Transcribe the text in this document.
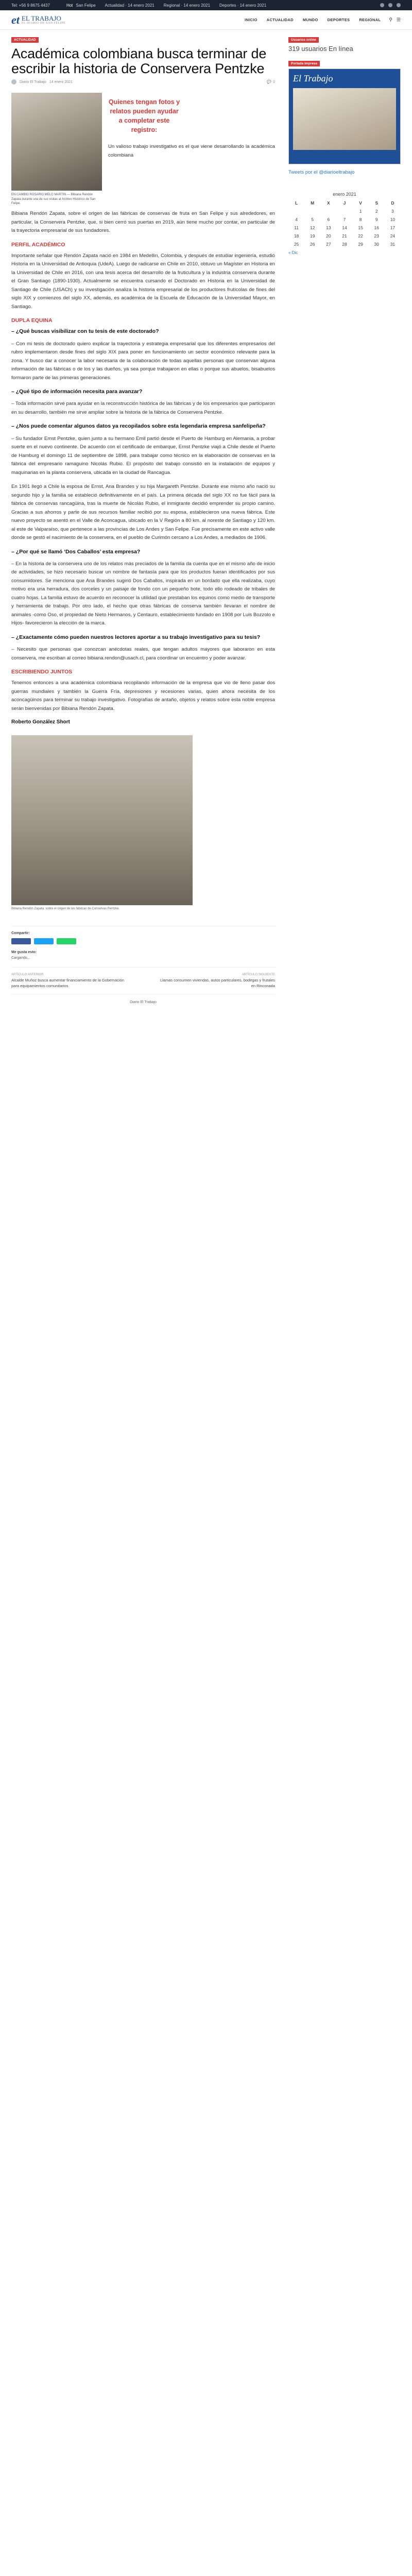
Tel: +56 9 8675 4437	Hot San Felipe Actualidad · 14 enero 2021 Regional · 14 enero 2021 Deportes · 14 enero 2021
et EL TRABAJO
EL DIARIO DE SAN FELIPE
INICIO ACTUALIDAD MUNDO DEPORTES REGIONAL ⚲ ☰
ACTUALIDAD
Académica colombiana busca terminar de escribir la historia de Conservera Pentzke
Diario El Trabajo 14 enero 2021	💬 0
EN CAMBIO ROSARIO MELO MARTIN — Bibiana Rendón Zapata durante una de sus visitas al Archivo Histórico de San Felipe.
Quienes tengan fotos y relatos pueden ayudar a completar este registro:

Un valioso trabajo investigativo es el que viene desarrollando la académica colombiana

Bibiana Rendón Zapata, sobre el origen de las fábricas de conservas de fruta en San Felipe y sus alrededores, en particular, la Conservera Pentzke, que, si bien cerró sus puertas en 2019, aún tiene mucho por contar, en particular de la trayectoria empresarial de sus fundadores.

PERFIL ACADÉMICO

Importante señalar que Rendón Zapata nació en 1984 en Medellín, Colombia, y después de estudiar ingeniería, estudió Historia en la Universidad de Antioquia (UdeA). Luego de radicarse en Chile en 2010, obtuvo un Magíster en Historia en la Universidad de Chile en 2016, con una tesis acerca del desarrollo de la fruticultura y la industria conservera durante el Gran Santiago (1890-1930). Actualmente se encuentra cursando el Doctorado en Historia en la Universidad de Santiago de Chile (USACh) y su investigación analiza la historia empresarial de los productores frutícolas de fines del siglo XIX y comienzos del siglo XX, además, es académica de la Escuela de Educación de la Universidad Mayor, en Santiago.

DUPLA EQUINA
– ¿Qué buscas visibilizar con tu tesis de este doctorado?

– Con mi tesis de doctorado quiero explicar la trayectoria y estrategia empresarial que los diferentes empresarios del rubro implementaron desde fines del siglo XIX para poner en funcionamiento un sector económico relevante para la zona. Y busco dar a conocer la labor necesaria de la colaboración de todas aquellas personas que conservan alguna información de las fábricas o de los y las dueños, ya sea porque trabajaron en ellas o porque sus abuelos, bisabuelos formaron parte de las primeras generaciones.

– ¿Qué tipo de información necesita para avanzar?

– Toda información sirve para ayudar en la reconstrucción histórica de las fábricas y de los empresarios que participaron en su desarrollo, también me sirve ampliar sobre la historia de la fábrica de Conservera Pentzke.

– ¿Nos puede comentar algunos datos ya recopilados sobre esta legendaria empresa sanfelipeña?

– Su fundador Ernst Pentzke, quien junto a su hermano Emil partió desde el Puerto de Hamburg en Alemania, a probar suerte en el nuevo continente. De acuerdo con el certificado de embarque, Ernst Pentzke viajó a Chile desde el Puerto de Hamburg el domingo 11 de septiembre de 1898, para trabajar como técnico en la elaboración de conservas en la fábrica del empresario ramaguino Nicolás Rubio. El propósito del trabajo consistió en la instalación de equipos y maquinarias en la planta conservera, ubicada en la ciudad de Rancagua.

En 1901 llegó a Chile la esposa de Ernst, Ana Brandes y su hija Margareth Pentzke. Durante ese mismo año nació su segundo hijo y la familia se estableció definitivamente en el país. La primera década del siglo XX no fue fácil para la fábrica de conservas rancagüina, tras la muerte de Nicolás Rubio, el inmigrante decidió emprender su propio camino. Gracias a sus ahorros y parte de sus recursos familiar recibió por su esposa, establecieron una nueva fábrica. Este nuevo proyecto se asentó en el Valle de Aconcagua, ubicado en la V Región a 80 km. al noreste de Santiago y 120 km. al este de Valparaíso, que pertenece a las provincias de Los Andes y San Felipe. Fue precisamente en este activo valle donde se gestó el nacimiento de la conservera, en el pueblo de Curimón cercano a Los Andes, a mediados de 1906.

– ¿Por qué se llamó ‘Dos Caballos’ esta empresa?

– En la historia de la conservera uno de los relatos más preciados de la familia da cuenta que en el mismo año de inicio de actividades, se hizo necesario buscar un nombre de fantasía para que los productos fueran identificados por sus consumidores. Se menciona que Ana Brandes sugirió Dos Caballos, inspirada en un bordado que ella realizaba, cuyo motivo era una herradura, dos corceles y un paisaje de fondo con un pequeño bote, todo ello rodeado de tribales de cuatro hojas. La familia estuvo de acuerdo en reconocer la utilidad que prestaban los equinos como medio de transporte y herramienta de trabajo. Por otro lado, el hecho que otras fábricas de conserva también llevaran el nombre de animales -como Oso, el propiedad de Nieto Hermanos, y Centauro, establecimiento fundado en 1908 por Luis Bozzolo e Hijos- favorecieron la elección de la marca.

– ¿Exactamente cómo pueden nuestros lectores aportar a su trabajo investigativo para su tesis?

– Necesito que personas que conozcan anécdotas reales, que tengan adultos mayores que laboraron en esta conservera, me escriban al correo bibiana.rendon@usach.cl, para coordinar un encuentro y poder avanzar.

ESCRIBIENDO JUNTOS

Tenemos entonces a una académica colombiana recopilando información de la empresa que vio de lleno pasar dos guerras mundiales y también la Guerra Fría, depresiones y recesiones varias, quien ahora necesita de los aconcagüinos para terminar su trabajo investigativo. Fotografías de antaño, objetos y relatos sobre esta noble empresa serán bienvenidas por Bibiana Rendón Zapata.

Roberto González Short
Bibiana Rendón Zapata, sobre el origen de las fábricas de Conservas Pentzke.
Compartir:
Me gusta esto:
Cargando...
ARTÍCULO ANTERIOR
Alcalde Muñoz busca aumentar financiamiento de la Gobernación para equipamientos comunitarios
ARTÍCULO SIGUIENTE
Llamas consumen viviendas, autos particulares, bodegas y frutales en Rinconada
Diario El Trabajo
Usuarios online
319 usuarios En línea
Portada impresa
El Trabajo
Tweets por el @diarioeltrabajo
enero 2021
L	M	X	J	V	S	D
				1	2	3
4	5	6	7	8	9	10
11	12	13	14	15	16	17
18	19	20	21	22	23	24
25	26	27	28	29	30	31
« Dic
